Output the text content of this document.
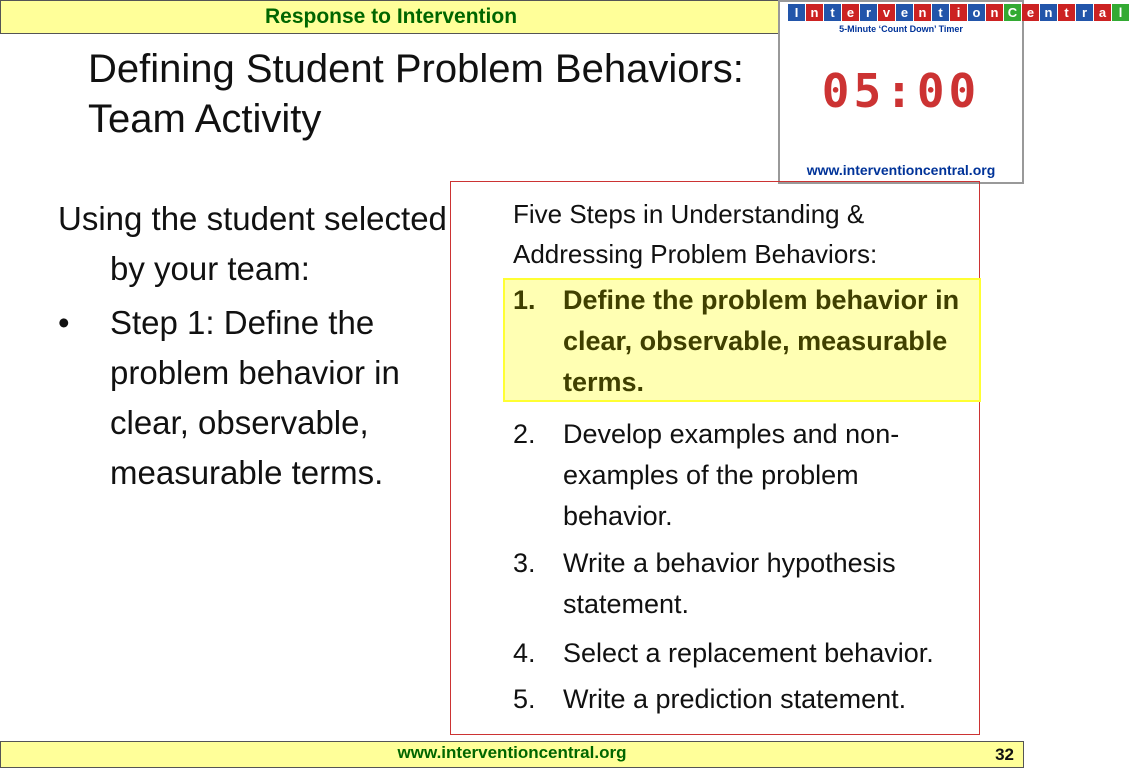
Response to Intervention
Defining Student Problem Behaviors:
Team Activity
I n t e r v e n t	i o n C e n t	r a l
5-Minute ‘Count Down’ Timer
05:00
www.interventioncentral.org
Using the student selected
by your team:
•	Step 1: Define the problem behavior in clear, observable, measurable terms.
Five Steps in Understanding & Addressing Problem Behaviors:
1.	Define the problem behavior in clear, observable, measurable terms.
2.	Develop examples and non-examples of the problem behavior.
3.	Write a behavior hypothesis statement.
4.	Select a replacement behavior.
5.	Write a prediction statement.
www.interventioncentral.org	32
